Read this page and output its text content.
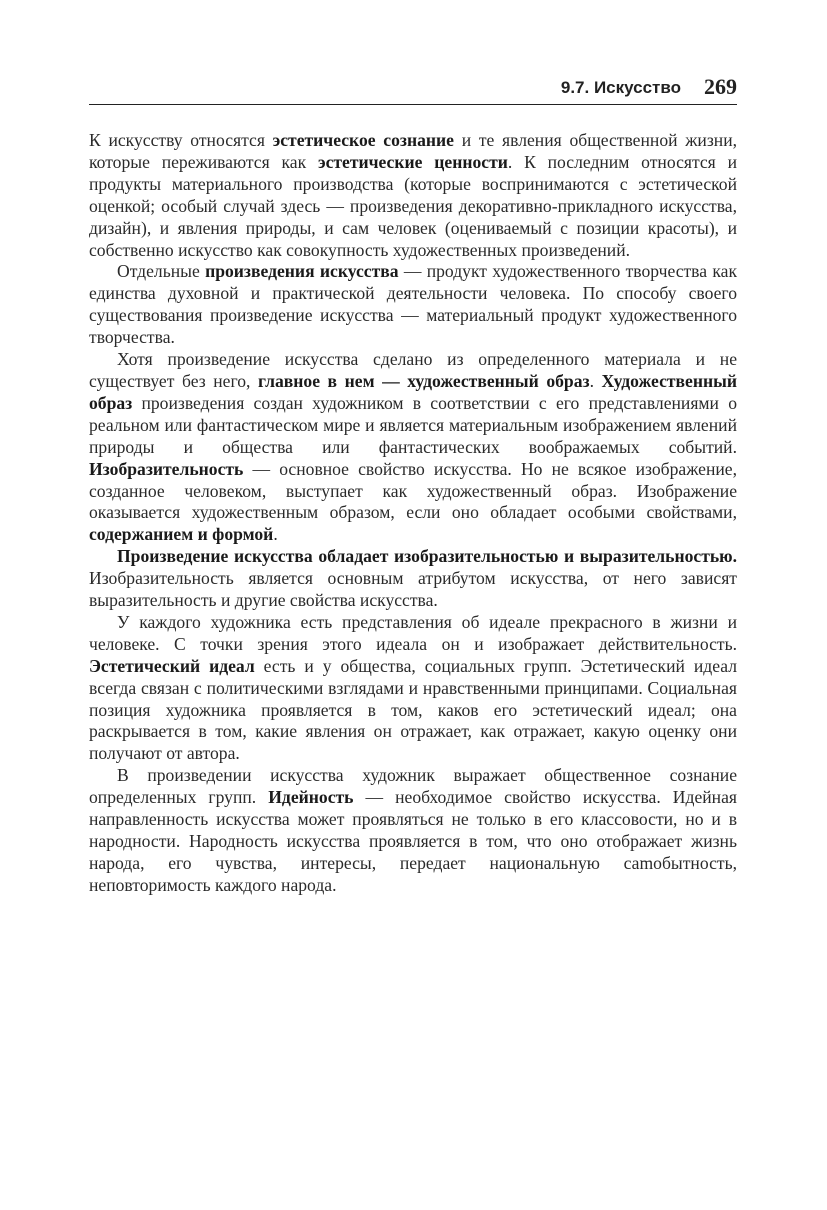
9.7. Искусство 269

К искусству относятся эстетическое сознание и те явления общественной жизни, которые переживаются как эстетические ценности. К последним относятся и продукты материального производства (которые воспринимаются с эстетической оценкой; особый случай здесь — произведения декоративно-прикладного искусства, дизайн), и явления природы, и сам человек (оцениваемый с позиции красоты), и собственно искусство как совокупность художественных произведений.

Отдельные произведения искусства — продукт художественного творчества как единства духовной и практической деятельности человека. По способу своего существования произведение искусства — материальный продукт художественного творчества.

Хотя произведение искусства сделано из определенного материала и не существует без него, главное в нем — художественный образ. Художественный образ произведения создан художником в соответствии с его представлениями о реальном или фантастическом мире и является материальным изображением явлений природы и общества или фантастических воображаемых событий. Изобразительность — основное свойство искусства. Но не всякое изображение, созданное человеком, выступает как художественный образ. Изображение оказывается художественным образом, если оно обладает особыми свойствами, содержанием и формой.

Произведение искусства обладает изобразительностью и выразительностью. Изобразительность является основным атрибутом искусства, от него зависят выразительность и другие свойства искусства.

У каждого художника есть представления об идеале прекрасного в жизни и человеке. С точки зрения этого идеала он и изображает действительность. Эстетический идеал есть и у общества, социальных групп. Эстетический идеал всегда связан с политическими взглядами и нравственными принципами. Социальная позиция художника проявляется в том, каков его эстетический идеал; она раскрывается в том, какие явления он отражает, как отражает, какую оценку они получают от автора.

В произведении искусства художник выражает общественное сознание определенных групп. Идейность — необходимое свойство искусства. Идейная направленность искусства может проявляться не только в его классовости, но и в народности. Народность искусства проявляется в том, что оно отображает жизнь народа, его чувства, интересы, передает национальную саmобытность, неповторимость каждого народа.
